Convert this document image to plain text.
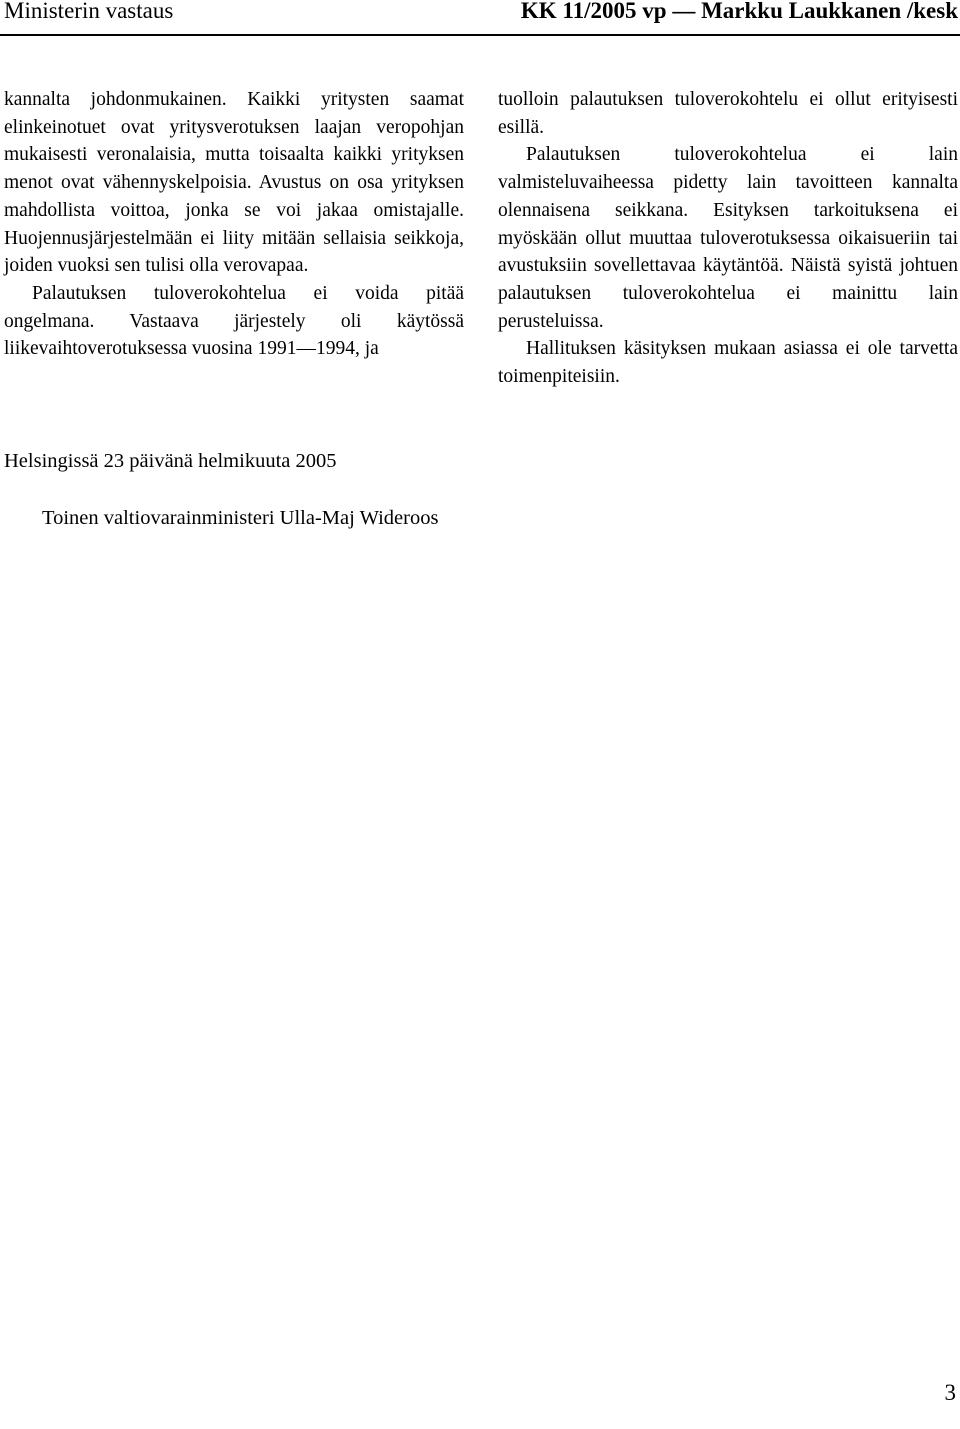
Ministerin vastaus	KK 11/2005 vp — Markku Laukkanen /kesk

kannalta johdonmukainen. Kaikki yritysten saamat elinkeinotuet ovat yritysverotuksen laajan veropohjan mukaisesti veronalaisia, mutta toisaalta kaikki yrityksen menot ovat vähennyskelpoisia. Avustus on osa yrityksen mahdollista voittoa, jonka se voi jakaa omistajalle. Huojennusjärjestelmään ei liity mitään sellaisia seikkoja, joiden vuoksi sen tulisi olla verovapaa.

Palautuksen tuloverokohtelua ei voida pitää ongelmana. Vastaava järjestely oli käytössä liikevaihtoverotuksessa vuosina 1991—1994, ja

tuolloin palautuksen tuloverokohtelu ei ollut erityisesti esillä.

Palautuksen tuloverokohtelua ei lain valmisteluvaiheessa pidetty lain tavoitteen kannalta olennaisena seikkana. Esityksen tarkoituksena ei myöskään ollut muuttaa tuloverotuksessa oikaisueriin tai avustuksiin sovellettavaa käytäntöä. Näistä syistä johtuen palautuksen tuloverokohtelua ei mainittu lain perusteluissa.

Hallituksen käsityksen mukaan asiassa ei ole tarvetta toimenpiteisiin.

Helsingissä 23 päivänä helmikuuta 2005
Toinen valtiovarainministeri Ulla-Maj Wideroos
3
